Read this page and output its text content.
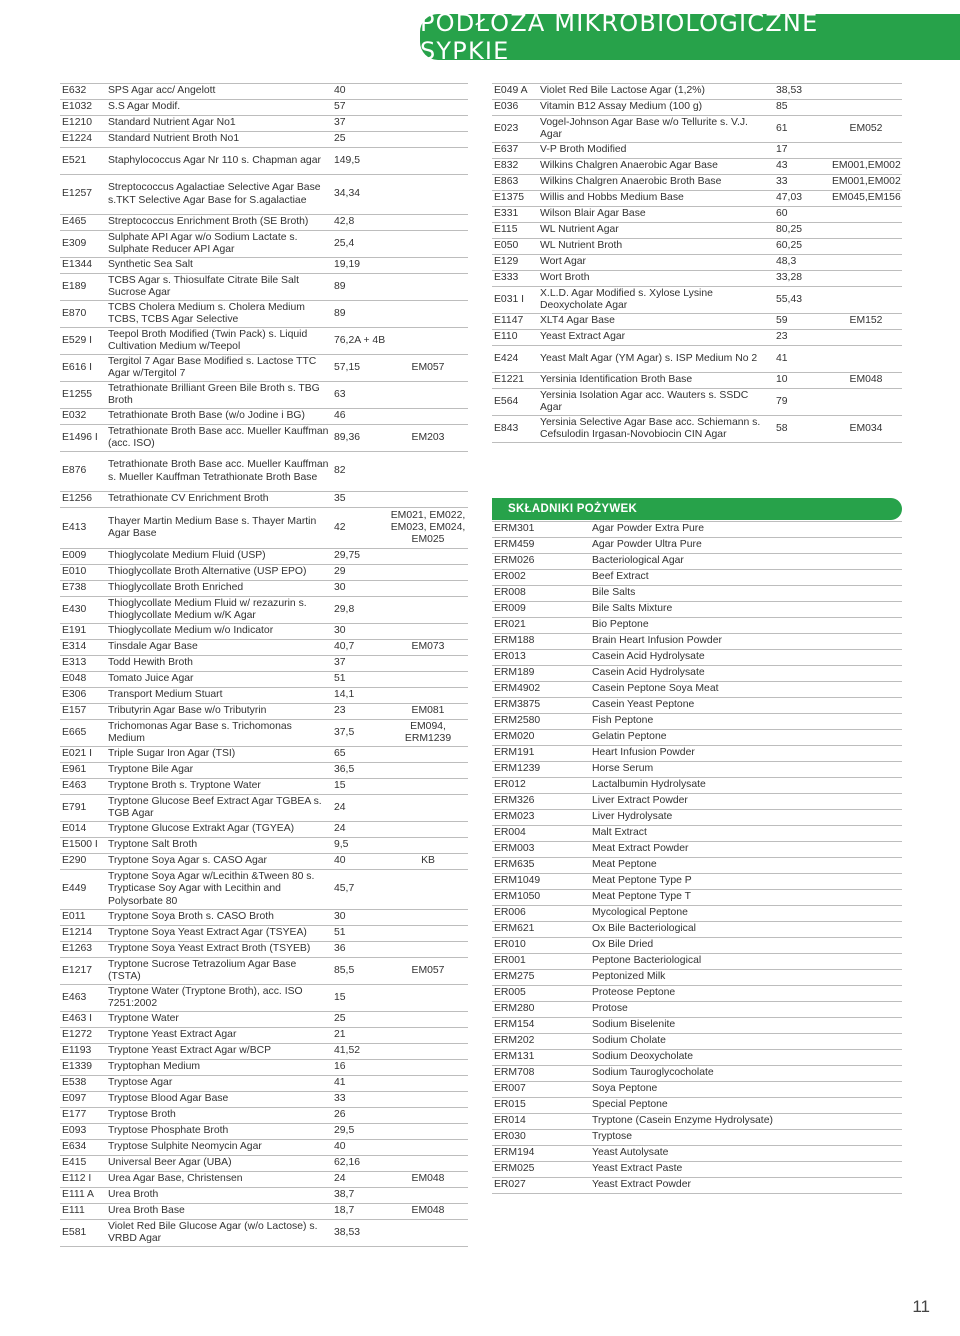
PODŁOŻA MIKROBIOLOGICZNE SYPKIE
E632	SPS Agar acc/ Angelott	40	
E1032	S.S Agar Modif.	57	
E1210	Standard Nutrient Agar No1	37	
E1224	Standard Nutrient Broth No1	25	
E521	Staphylococcus Agar Nr 110 s. Chapman agar	149,5	
E1257	Streptococcus Agalactiae Selective Agar Base s.TKT Selective Agar Base for S.agalactiae	34,34	
E465	Streptococcus Enrichment Broth (SE Broth)	42,8	
E309	Sulphate API Agar w/o Sodium Lactate s. Sulphate Reducer API Agar	25,4	
E1344	Synthetic Sea Salt	19,19	
E189	TCBS Agar s. Thiosulfate Citrate Bile Salt Sucrose Agar	89	
E870	TCBS Cholera Medium s. Cholera Medium TCBS, TCBS Agar Selective	89	
E529 I	Teepol Broth Modified (Twin Pack) s. Liquid Cultivation Medium w/Teepol	76,2A + 4B	
E616 I	Tergitol 7 Agar Base Modified s. Lactose TTC Agar w/Tergitol 7	57,15	EM057
E1255	Tetrathionate Brilliant Green Bile Broth s. TBG Broth	63	
E032	Tetrathionate Broth Base (w/o Jodine i BG)	46	
E1496 I	Tetrathionate Broth Base acc. Mueller Kauffman (acc. ISO)	89,36	EM203
E876	Tetrathionate Broth Base acc. Mueller Kauffman s. Mueller Kauffman Tetrathionate Broth Base	82	
E1256	Tetrathionate CV Enrichment Broth	35	
E413	Thayer Martin Medium Base s. Thayer Martin Agar Base	42	EM021, EM022, EM023, EM024, EM025
E009	Thioglycolate Medium Fluid (USP)	29,75	
E010	Thioglycollate Broth Alternative (USP EPO)	29	
E738	Thioglycollate Broth Enriched	30	
E430	Thioglycollate Medium Fluid w/ rezazurin s. Thioglycollate Medium w/K Agar	29,8	
E191	Thioglycollate Medium w/o Indicator	30	
E314	Tinsdale Agar Base	40,7	EM073
E313	Todd Hewith Broth	37	
E048	Tomato Juice Agar	51	
E306	Transport Medium Stuart	14,1	
E157	Tributyrin Agar Base w/o Tributyrin	23	EM081
E665	Trichomonas Agar Base s. Trichomonas Medium	37,5	EM094, ERM1239
E021 I	Triple Sugar Iron Agar (TSI)	65	
E961	Tryptone Bile Agar	36,5	
E463	Tryptone Broth s. Tryptone Water	15	
E791	Tryptone Glucose Beef Extract Agar TGBEA s. TGB Agar	24	
E014	Tryptone Glucose Extrakt Agar (TGYEA)	24	
E1500 I	Tryptone Salt Broth	9,5	
E290	Tryptone Soya Agar s. CASO Agar	40	KB
E449	Tryptone Soya Agar w/Lecithin &Tween 80 s. Trypticase Soy Agar with Lecithin and Polysorbate 80	45,7	
E011	Tryptone Soya Broth s. CASO Broth	30	
E1214	Tryptone Soya Yeast Extract Agar (TSYEA)	51	
E1263	Tryptone Soya Yeast Extract Broth (TSYEB)	36	
E1217	Tryptone Sucrose Tetrazolium Agar Base (TSTA)	85,5	EM057
E463	Tryptone Water (Tryptone Broth), acc. ISO 7251:2002	15	
E463 I	Tryptone Water	25	
E1272	Tryptone Yeast Extract Agar	21	
E1193	Tryptone Yeast Extract Agar w/BCP	41,52	
E1339	Tryptophan Medium	16	
E538	Tryptose Agar	41	
E097	Tryptose Blood Agar Base	33	
E177	Tryptose Broth	26	
E093	Tryptose Phosphate Broth	29,5	
E634	Tryptose Sulphite Neomycin Agar	40	
E415	Universal Beer Agar (UBA)	62,16	
E112 I	Urea Agar Base, Christensen	24	EM048
E111 A	Urea Broth	38,7	
E111	Urea Broth Base	18,7	EM048
E581	Violet Red Bile Glucose Agar (w/o Lactose) s. VRBD Agar	38,53	
E049 A	Violet Red Bile Lactose Agar (1,2%)	38,53	
E036	Vitamin B12 Assay Medium (100 g)	85	
E023	Vogel-Johnson Agar Base w/o Tellurite s. V.J. Agar	61	EM052
E637	V-P Broth Modified	17	
E832	Wilkins Chalgren Anaerobic Agar Base	43	EM001,EM002
E863	Wilkins Chalgren Anaerobic Broth Base	33	EM001,EM002
E1375	Willis and Hobbs Medium Base	47,03	EM045,EM156
E331	Wilson Blair Agar Base	60	
E115	WL Nutrient Agar	80,25	
E050	WL Nutrient Broth	60,25	
E129	Wort Agar	48,3	
E333	Wort Broth	33,28	
E031 I	X.L.D. Agar Modified s. Xylose Lysine Deoxycholate Agar	55,43	
E1147	XLT4 Agar Base	59	EM152
E110	Yeast Extract Agar	23	
E424	Yeast Malt Agar (YM Agar) s. ISP Medium No 2	41	
E1221	Yersinia Identification Broth Base	10	EM048
E564	Yersinia Isolation Agar acc. Wauters s. SSDC Agar	79	
E843	Yersinia Selective Agar Base acc. Schiemann s. Cefsulodin Irgasan-Novobiocin CIN Agar	58	EM034
SKŁADNIKI POŻYWEK
ERM301	Agar Powder Extra Pure
ERM459	Agar Powder Ultra Pure
ERM026	Bacteriological Agar
ER002	Beef Extract
ER008	Bile Salts
ER009	Bile Salts Mixture
ER021	Bio Peptone
ERM188	Brain Heart Infusion Powder
ER013	Casein Acid Hydrolysate
ERM189	Casein Acid Hydrolysate
ERM4902	Casein Peptone Soya Meat
ERM3875	Casein Yeast Peptone
ERM2580	Fish Peptone
ERM020	Gelatin Peptone
ERM191	Heart Infusion Powder
ERM1239	Horse Serum
ER012	Lactalbumin Hydrolysate
ERM326	Liver Extract Powder
ERM023	Liver Hydrolysate
ER004	Malt Extract
ERM003	Meat Extract Powder
ERM635	Meat Peptone
ERM1049	Meat Peptone Type P
ERM1050	Meat Peptone Type T
ER006	Mycological Peptone
ERM621	Ox Bile Bacteriological
ER010	Ox Bile Dried
ER001	Peptone Bacteriological
ERM275	Peptonized Milk
ER005	Proteose Peptone
ERM280	Protose
ERM154	Sodium Biselenite
ERM202	Sodium Cholate
ERM131	Sodium Deoxycholate
ERM708	Sodium Tauroglycocholate
ER007	Soya Peptone
ER015	Special Peptone
ER014	Tryptone (Casein Enzyme Hydrolysate)
ER030	Tryptose
ERM194	Yeast Autolysate
ERM025	Yeast Extract Paste
ER027	Yeast Extract Powder
11
